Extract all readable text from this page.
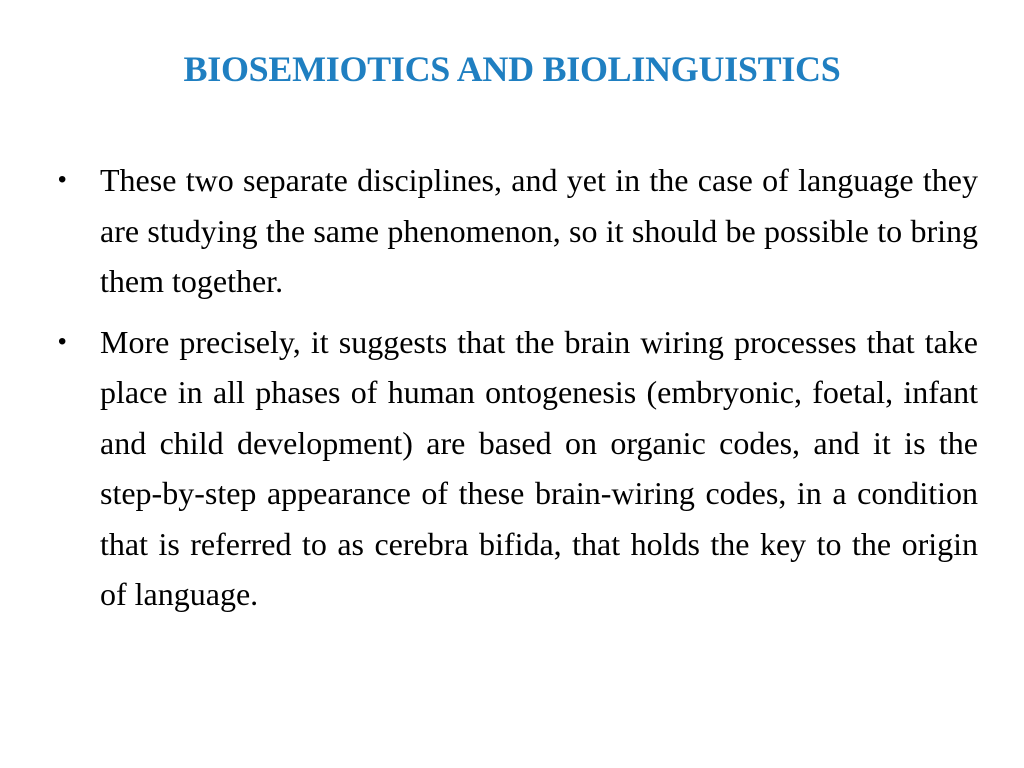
BIOSEMIOTICS AND BIOLINGUISTICS
• These two separate disciplines, and yet in the case of language they are studying the same phenomenon, so it should be possible to bring them together.
• More precisely, it suggests that the brain wiring processes that take place in all phases of human ontogenesis (embryonic, foetal, infant and child development) are based on organic codes, and it is the step-by-step appearance of these brain-wiring codes, in a condition that is referred to as cerebra bifida, that holds the key to the origin of language.
